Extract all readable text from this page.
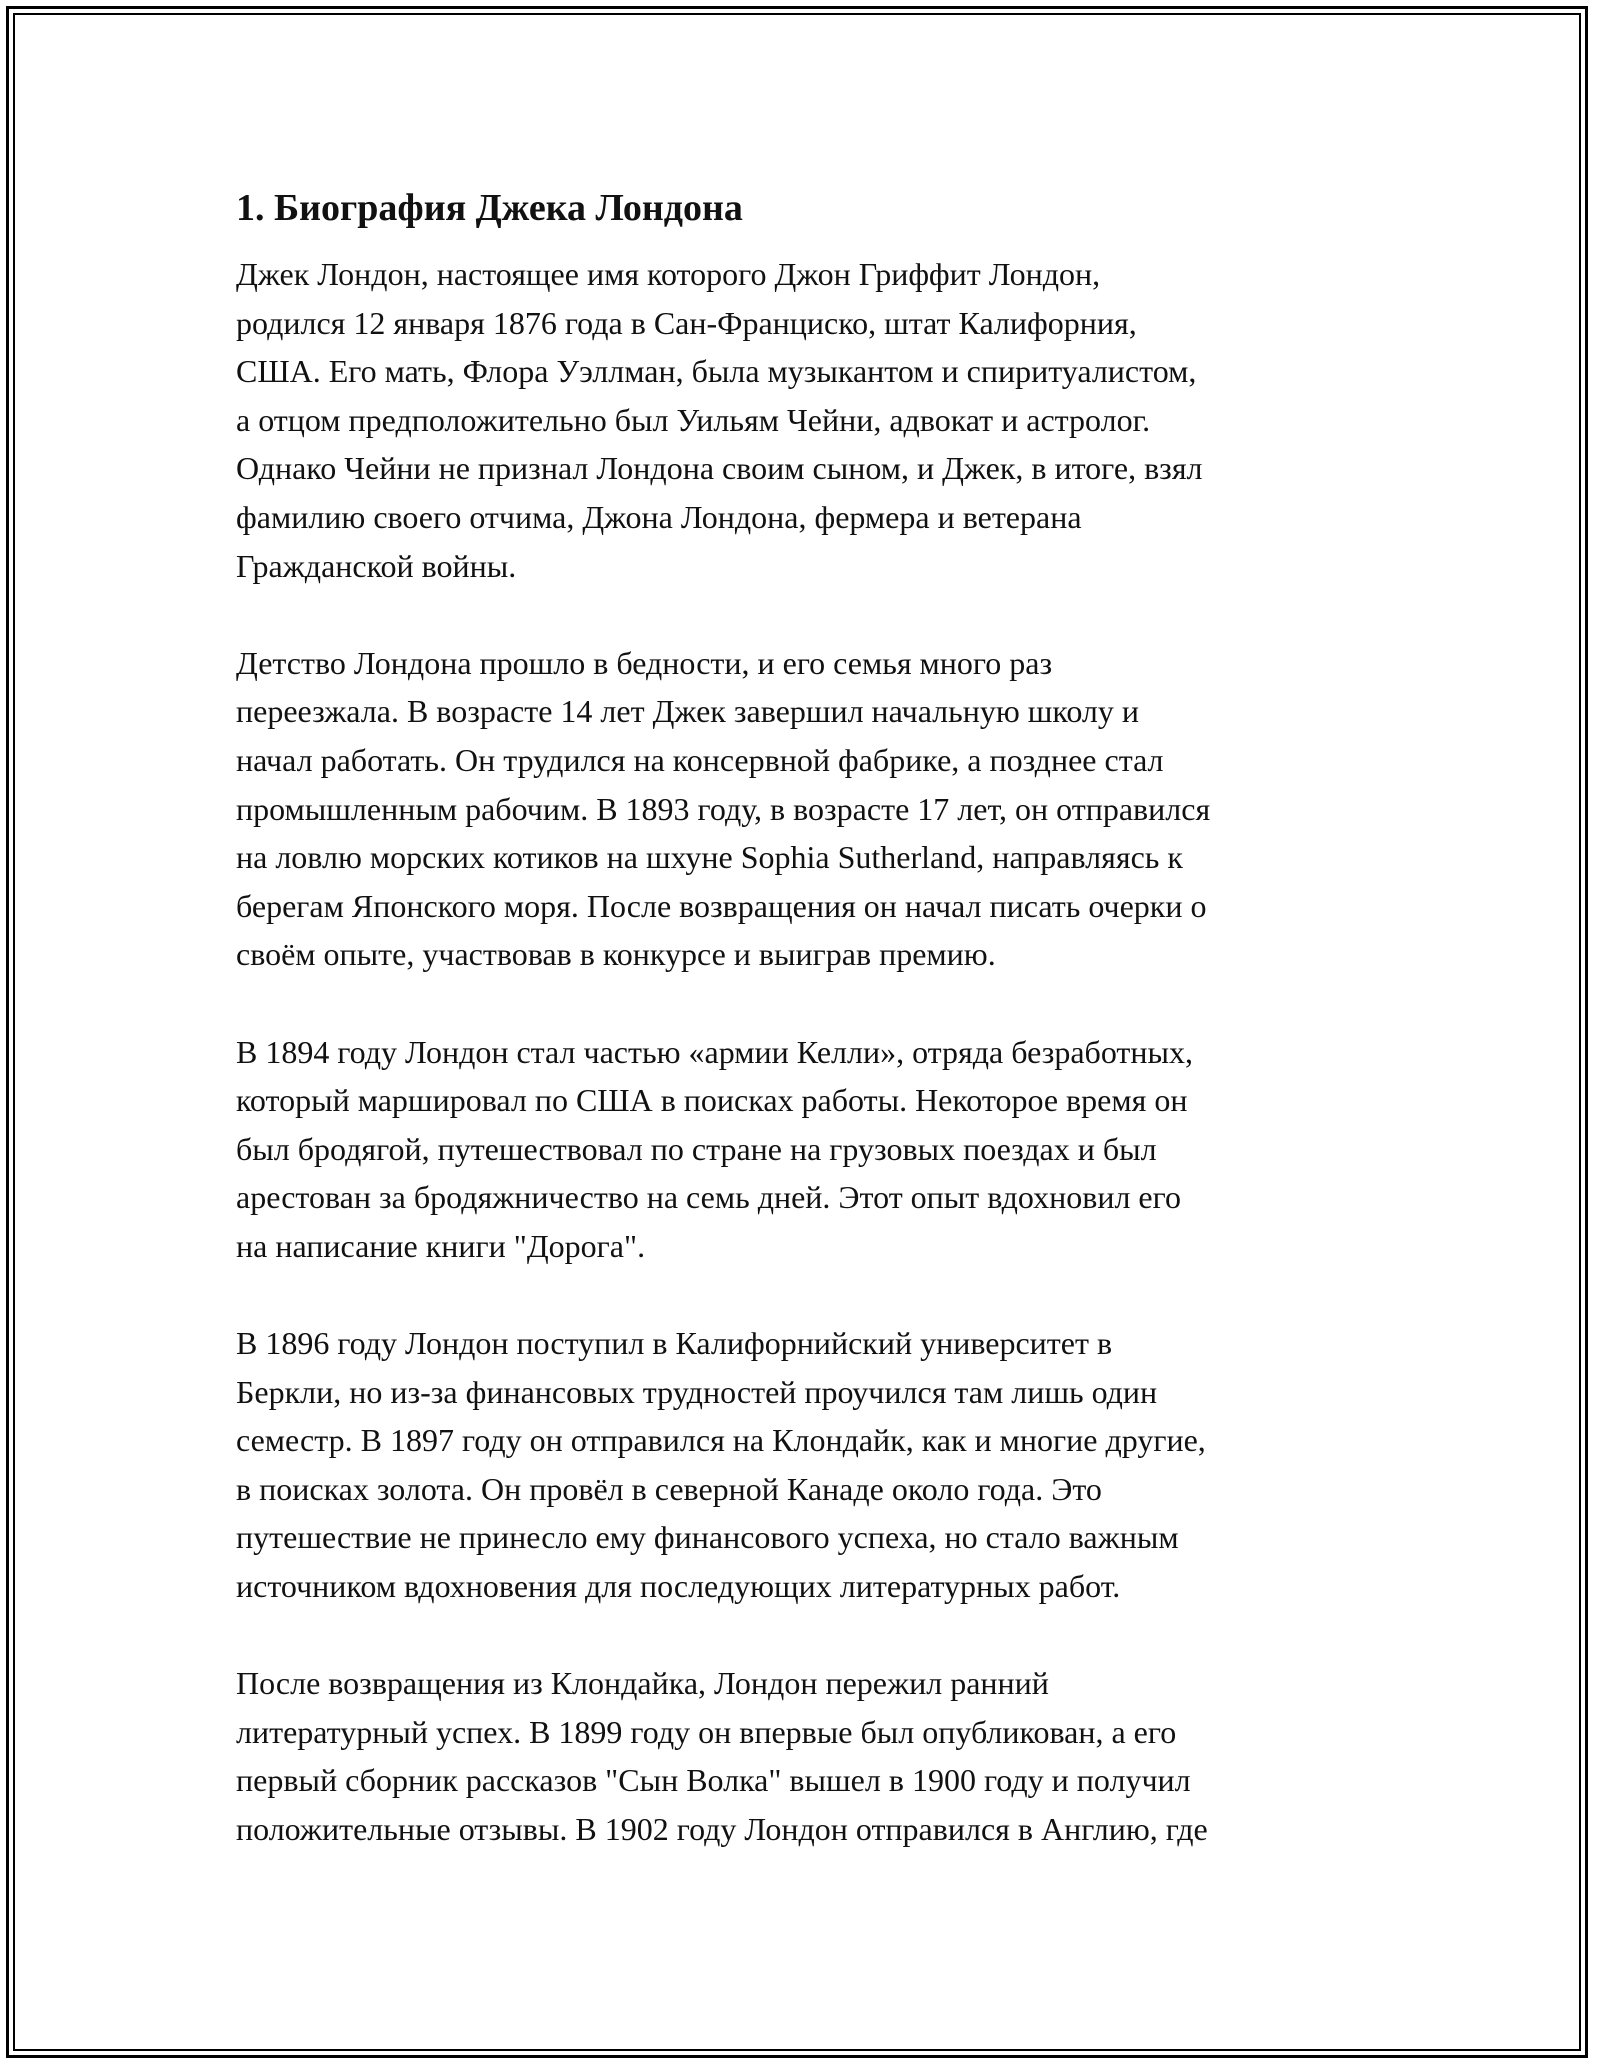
1. Биография Джека Лондона

Джек Лондон, настоящее имя которого Джон Гриффит Лондон,
родился 12 января 1876 года в Сан-Франциско, штат Калифорния,
США. Его мать, Флора Уэллман, была музыкантом и спиритуалистом,
а отцом предположительно был Уильям Чейни, адвокат и астролог.
Однако Чейни не признал Лондона своим сыном, и Джек, в итоге, взял
фамилию своего отчима, Джона Лондона, фермера и ветерана
Гражданской войны.

Детство Лондона прошло в бедности, и его семья много раз
переезжала. В возрасте 14 лет Джек завершил начальную школу и
начал работать. Он трудился на консервной фабрике, а позднее стал
промышленным рабочим. В 1893 году, в возрасте 17 лет, он отправился
на ловлю морских котиков на шхуне Sophia Sutherland, направляясь к
берегам Японского моря. После возвращения он начал писать очерки о
своём опыте, участвовав в конкурсе и выиграв премию.

В 1894 году Лондон стал частью «армии Келли», отряда безработных,
который маршировал по США в поисках работы. Некоторое время он
был бродягой, путешествовал по стране на грузовых поездах и был
арестован за бродяжничество на семь дней. Этот опыт вдохновил его
на написание книги "Дорога".

В 1896 году Лондон поступил в Калифорнийский университет в
Беркли, но из-за финансовых трудностей проучился там лишь один
семестр. В 1897 году он отправился на Клондайк, как и многие другие,
в поисках золота. Он провёл в северной Канаде около года. Это
путешествие не принесло ему финансового успеха, но стало важным
источником вдохновения для последующих литературных работ.

После возвращения из Клондайка, Лондон пережил ранний
литературный успех. В 1899 году он впервые был опубликован, а его
первый сборник рассказов "Сын Волка" вышел в 1900 году и получил
положительные отзывы. В 1902 году Лондон отправился в Англию, где
